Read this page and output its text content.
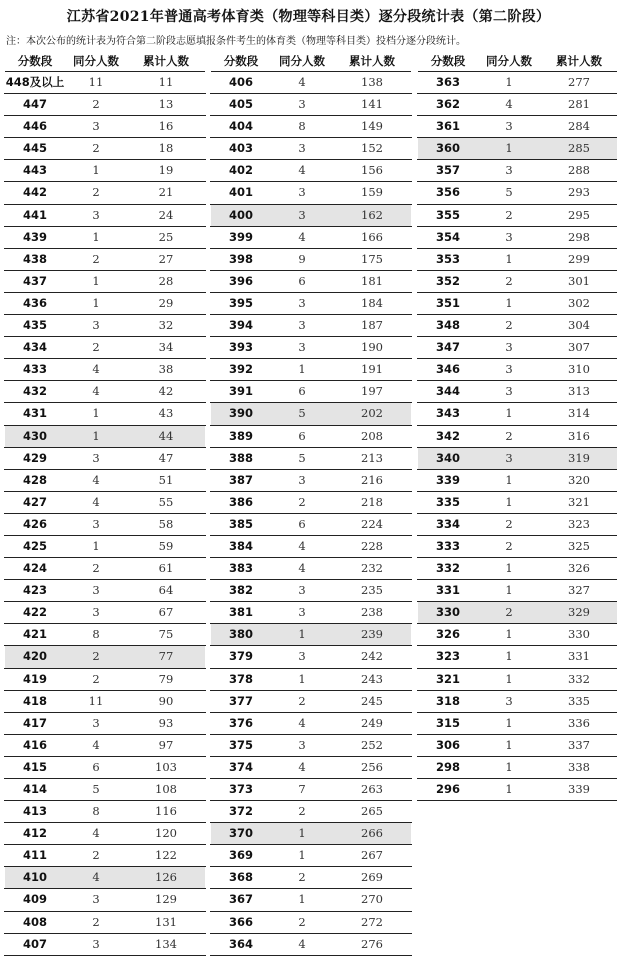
江苏省2021年普通高考体育类（物理等科目类）逐分段统计表（第二阶段）
注：本次公布的统计表为符合第二阶段志愿填报条件考生的体育类（物理等科目类）投档分逐分段统计。
分数段	同分人数	累计人数
448及以上	11	11
447	2	13
446	3	16
445	2	18
443	1	19
442	2	21
441	3	24
439	1	25
438	2	27
437	1	28
436	1	29
435	3	32
434	2	34
433	4	38
432	4	42
431	1	43
430	1	44
429	3	47
428	4	51
427	4	55
426	3	58
425	1	59
424	2	61
423	3	64
422	3	67
421	8	75
420	2	77
419	2	79
418	11	90
417	3	93
416	4	97
415	6	103
414	5	108
413	8	116
412	4	120
411	2	122
410	4	126
409	3	129
408	2	131
407	3	134
分数段	同分人数	累计人数
406	4	138
405	3	141
404	8	149
403	3	152
402	4	156
401	3	159
400	3	162
399	4	166
398	9	175
396	6	181
395	3	184
394	3	187
393	3	190
392	1	191
391	6	197
390	5	202
389	6	208
388	5	213
387	3	216
386	2	218
385	6	224
384	4	228
383	4	232
382	3	235
381	3	238
380	1	239
379	3	242
378	1	243
377	2	245
376	4	249
375	3	252
374	4	256
373	7	263
372	2	265
370	1	266
369	1	267
368	2	269
367	1	270
366	2	272
364	4	276
分数段	同分人数	累计人数
363	1	277
362	4	281
361	3	284
360	1	285
357	3	288
356	5	293
355	2	295
354	3	298
353	1	299
352	2	301
351	1	302
348	2	304
347	3	307
346	3	310
344	3	313
343	1	314
342	2	316
340	3	319
339	1	320
335	1	321
334	2	323
333	2	325
332	1	326
331	1	327
330	2	329
326	1	330
323	1	331
321	1	332
318	3	335
315	1	336
306	1	337
298	1	338
296	1	339
